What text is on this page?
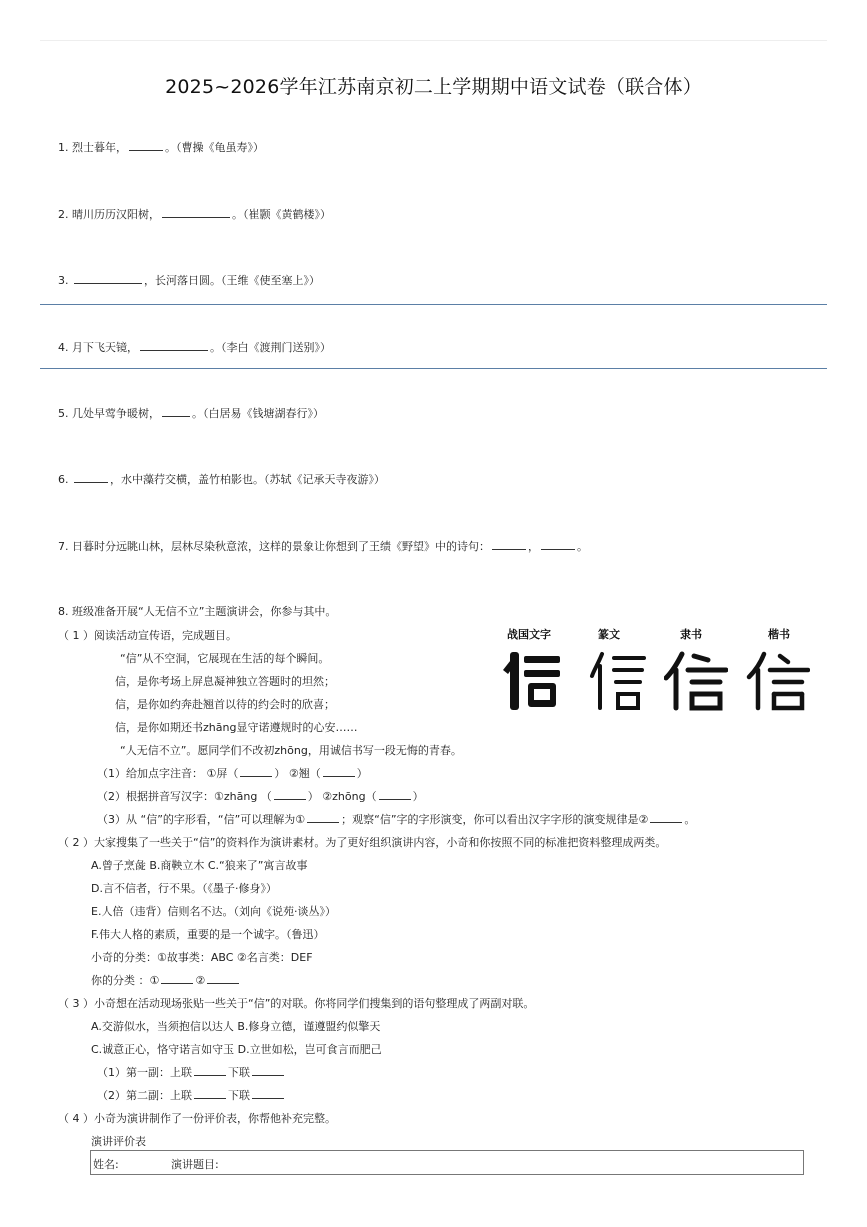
2025~2026学年江苏南京初二上学期期中语文试卷（联合体）
1. 烈士暮年，	。（曹操《龟虽寿》）
2. 晴川历历汉阳树，	。（崔颢《黄鹤楼》）
3.	，长河落日圆。（王维《使至塞上》）
4. 月下飞天镜，	。（李白《渡荆门送别》）
5. 几处早莺争暖树，	。（白居易《钱塘湖春行》）
6.	，水中藻荇交横，盖竹柏影也。（苏轼《记承天寺夜游》）
7. 日暮时分远眺山林，层林尽染秋意浓，这样的景象让你想到了王绩《野望》中的诗句：	，	。
8. 班级准备开展“人无信不立”主题演讲会，你参与其中。
（ 1 ）阅读活动宣传语，完成题目。
“信”从不空洞，它展现在生活的每个瞬间。
信，是你考场上屏息凝神独立答题时的坦然；
信，是你如约奔赴翘首以待的约会时的欣喜；
信，是你如期还书zhāng显守诺遵规时的心安……
“人无信不立”。愿同学们不改初zhōng，用诚信书写一段无悔的青春。
（1）给加点字注音： ①屏（	） ②翘（	）
（2）根据拼音写汉字：①zhāng （	） ②zhōng（	）
（3）从 “信”的字形看，“信”可以理解为①	；观察“信”字的字形演变，你可以看出汉字字形的演变规律是②	。
战国文字	篆文	隶书	楷书
（ 2 ）大家搜集了一些关于“信”的资料作为演讲素材。为了更好组织演讲内容，小奇和你按照不同的标准把资料整理成两类。
A.曾子烹彘 B.商鞅立木 C.“狼来了”寓言故事
D.言不信者，行不果。（《墨子·修身》）
E.人倍（违背）信则名不达。（刘向《说苑·谈丛》）
F.伟大人格的素质，重要的是一个诚字。（鲁迅）
小奇的分类：①故事类：ABC ②名言类：DEF
你的分类 ：①	②
（ 3 ）小奇想在活动现场张贴一些关于“信”的对联。你将同学们搜集到的语句整理成了两副对联。
A.交游似水，当须抱信以达人 B.修身立德，谨遵盟约似擎天
C.诚意正心，恪守诺言如守玉 D.立世如松，岂可食言而肥己
（1）第一副：上联	下联
（2）第二副：上联	下联
（ 4 ）小奇为演讲制作了一份评价表，你帮他补充完整。
演讲评价表
姓名:	演讲题目:
